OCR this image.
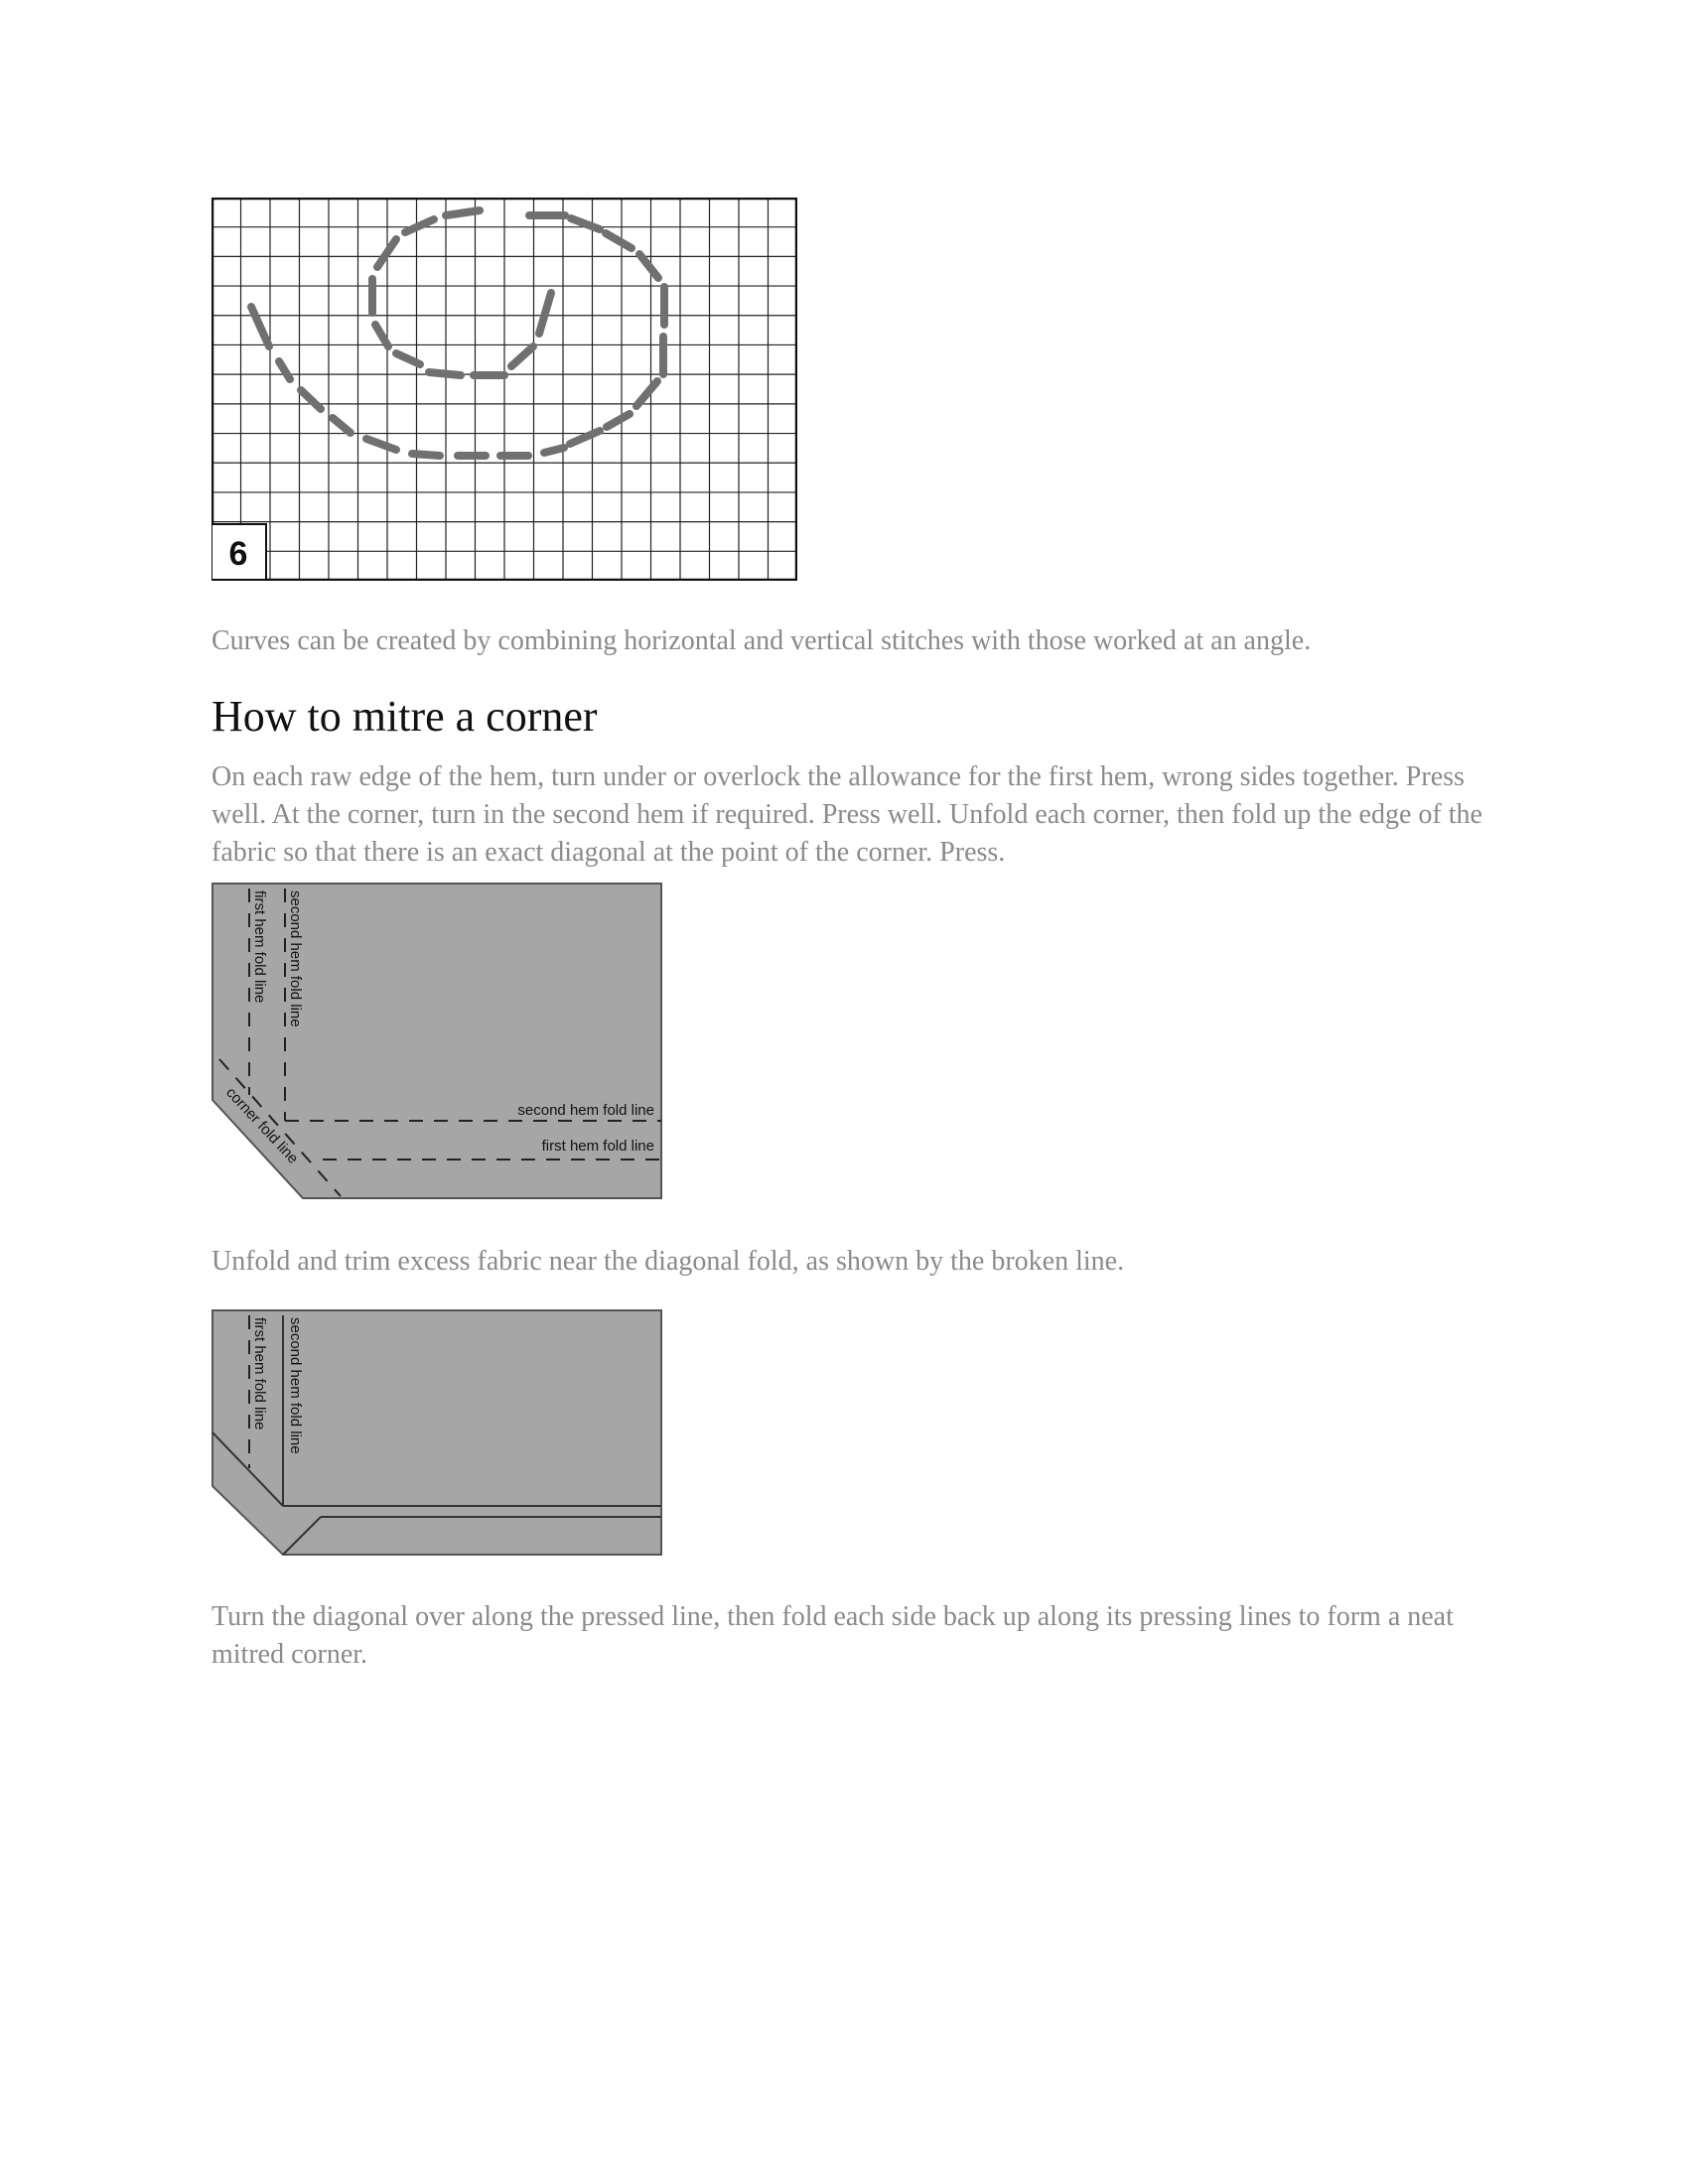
6

Curves can be created by combining horizontal and vertical stitches with those worked at an angle.

How to mitre a corner

On each raw edge of the hem, turn under or overlock the allowance for the first hem, wrong sides together. Press well. At the corner, turn in the second hem if required. Press well. Unfold each corner, then fold up the edge of the fabric so that there is an exact diagonal at the point of the corner. Press.

first hem fold line second hem fold line
second hem fold line
first hem fold line
corner fold line

Unfold and trim excess fabric near the diagonal fold, as shown by the broken line.

first hem fold line second hem fold line

Turn the diagonal over along the pressed line, then fold each side back up along its pressing lines to form a neat mitred corner.
